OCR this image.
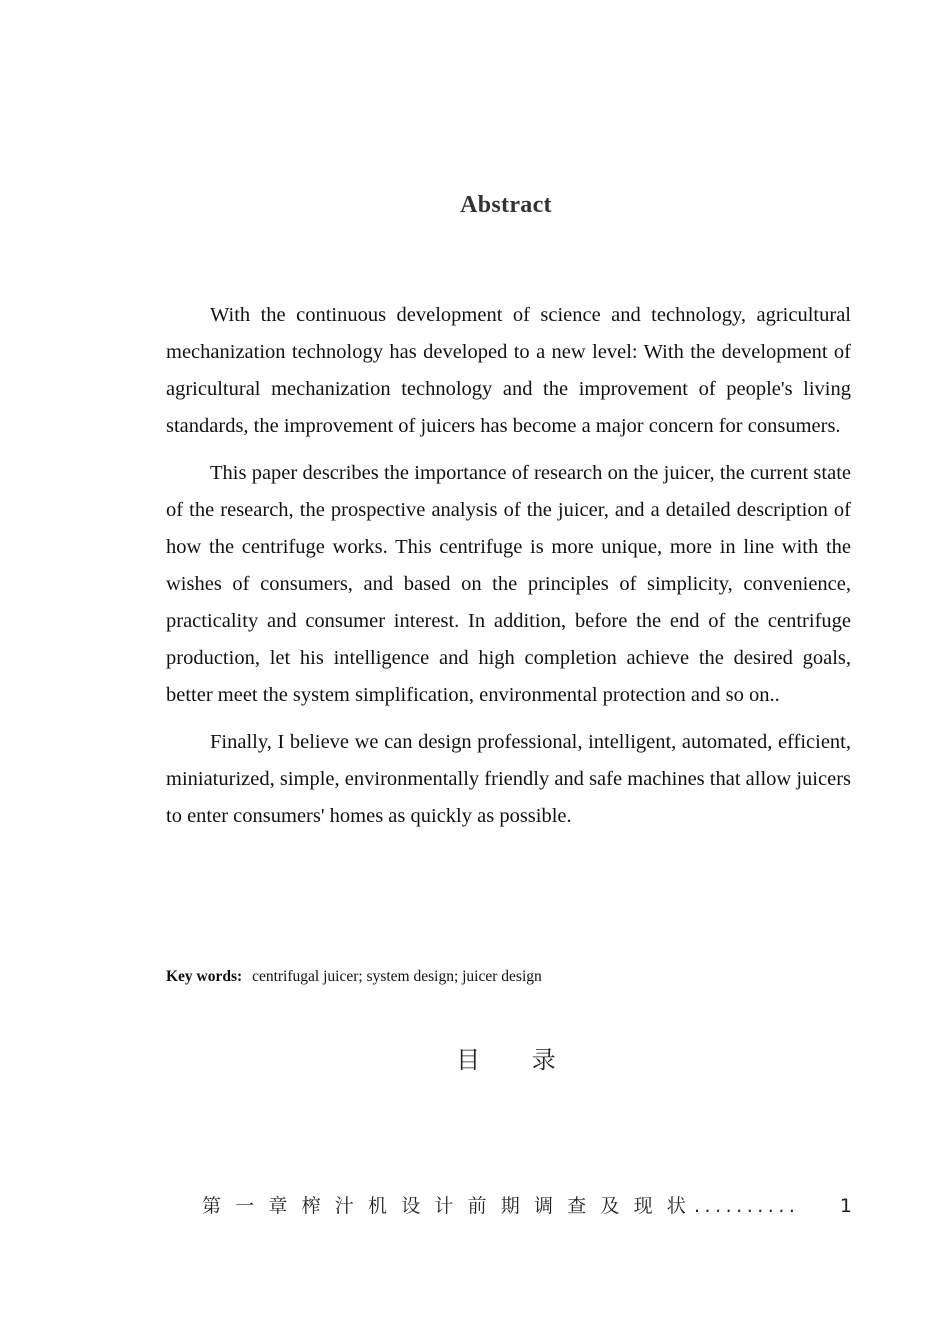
Abstract

With the continuous development of science and technology, agricultural mechanization technology has developed to a new level: With the development of agricultural mechanization technology and the improvement of people's living standards, the improvement of juicers has become a major concern for consumers.

This paper describes the importance of research on the juicer, the current state of the research, the prospective analysis of the juicer, and a detailed description of how the centrifuge works. This centrifuge is more unique, more in line with the wishes of consumers, and based on the principles of simplicity, convenience, practicality and consumer interest. In addition, before the end of the centrifuge production, let his intelligence and high completion achieve the desired goals, better meet the system simplification, environmental protection and so on..

Finally, I believe we can design professional, intelligent, automated, efficient, miniaturized, simple, environmentally friendly and safe machines that allow juicers to enter consumers' homes as quickly as possible.

Key words: centrifugal juicer; system design; juicer design
目 录
第一章榨汁机设计前期调查及现状
.......... 1
